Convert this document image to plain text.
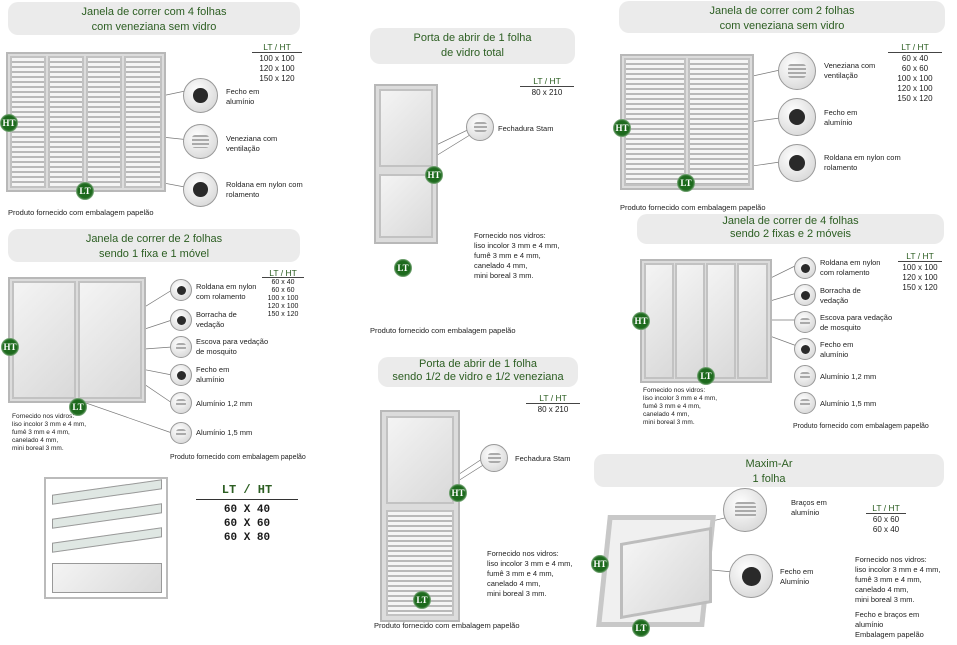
Janela de correr com 4 folhas
com veneziana sem vidro
LT / HT
100 x 100
120 x 100
150 x 120
HT
LT
Fecho em alumínio
Veneziana com ventilação
Roldana em nylon com rolamento
Produto fornecido com embalagem papelão
Janela de correr de 2 folhas
sendo 1 fixa e 1 móvel
LT / HT
60 x 40
60 x 60
100 x 100
120 x 100
150 x 120
HT
LT
Roldana em nylon com rolamento
Borracha de vedação
Escova para vedação de mosquito
Fecho em alumínio
Alumínio 1,2 mm
Alumínio 1,5 mm
Fornecido nos vidros:
liso incolor 3 mm e 4 mm,
fumê 3 mm e 4 mm,
canelado 4 mm,
mini boreal 3 mm.
Produto fornecido com embalagem papelão
LT / HT
60 X 40
60 X 60
60 X 80
Porta de abrir de 1 folha
de vidro total
LT / HT
80 x 210
HT
LT
Fechadura Stam
Fornecido nos vidros:
liso incolor 3 mm e 4 mm,
fumê 3 mm e 4 mm,
canelado 4 mm,
mini boreal 3 mm.
Produto fornecido com embalagem papelão
Porta de abrir de 1 folha
sendo 1/2 de vidro e 1/2 veneziana
LT / HT
80 x 210
HT
LT
Fechadura Stam
Fornecido nos vidros:
liso incolor 3 mm e 4 mm,
fumê 3 mm e 4 mm,
canelado 4 mm,
mini boreal 3 mm.
Produto fornecido com embalagem papelão
Janela de correr com 2 folhas
com veneziana sem vidro
LT / HT
60 x 40
60 x 60
100 x 100
120 x 100
150 x 120
HT
LT
Veneziana com ventilação
Fecho em alumínio
Roldana em nylon com rolamento
Produto fornecido com embalagem papelão
Janela de correr de 4 folhas
sendo 2 fixas e 2 móveis
LT / HT
100 x 100
120 x 100
150 x 120
HT
LT
Roldana em nylon com rolamento
Borracha de vedação
Escova para vedação de mosquito
Fecho em alumínio
Alumínio 1,2 mm
Alumínio 1,5 mm
Fornecido nos vidros:
liso incolor 3 mm e 4 mm,
fumê 3 mm e 4 mm,
canelado 4 mm,
mini boreal 3 mm.
Produto fornecido com embalagem papelão
Maxim-Ar
1 folha
LT / HT
60 x 60
60 x 40
HT
LT
Braços em alumínio
Fecho em Alumínio
Fornecido nos vidros:
liso incolor 3 mm e 4 mm,
fumê 3 mm e 4 mm,
canelado 4 mm,
mini boreal 3 mm.
Fecho e braços em
alumínio
Embalagem papelão
